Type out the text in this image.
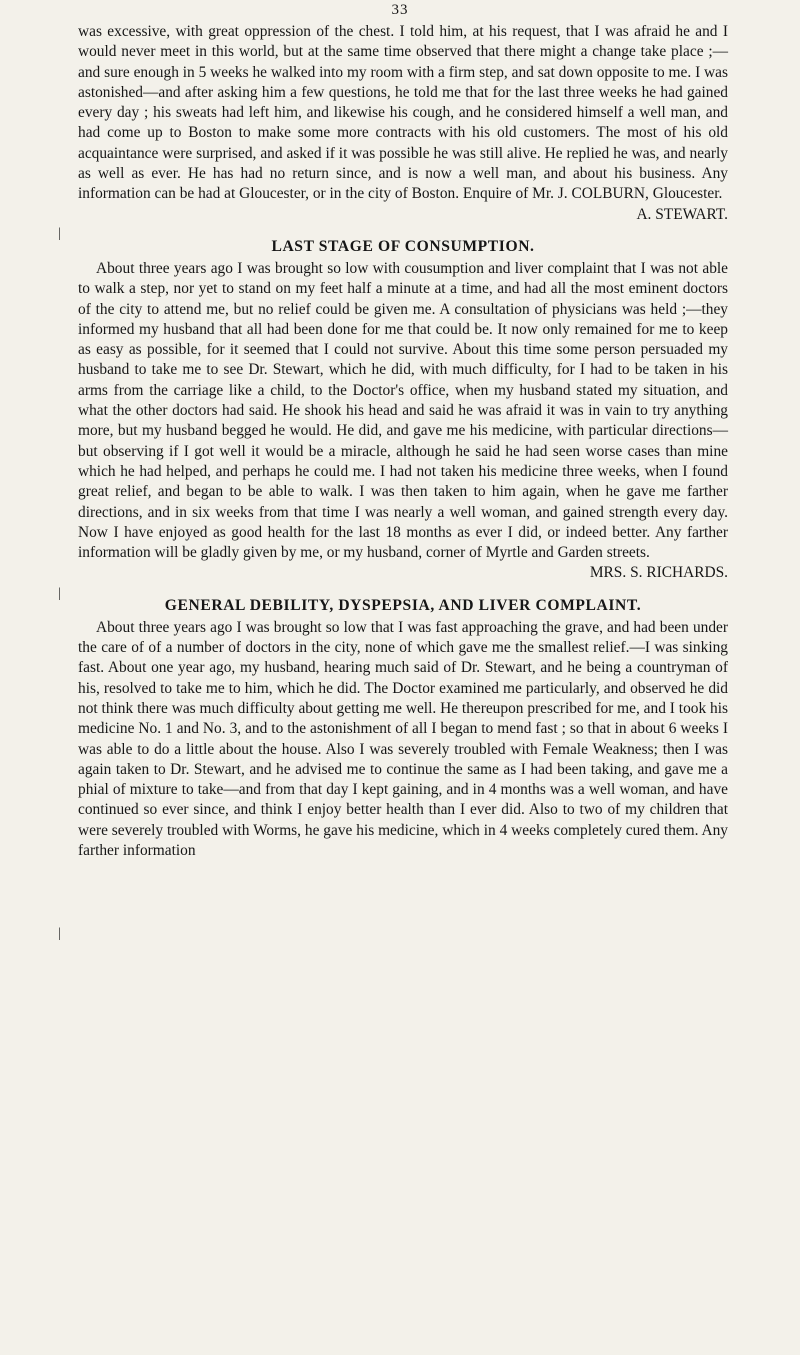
33
|
|
|

was excessive, with great oppression of the chest. I told him, at his request, that I was afraid he and I would never meet in this world, but at the same time observed that there might a change take place ;—and sure enough in 5 weeks he walked into my room with a firm step, and sat down opposite to me. I was astonished—and after asking him a few questions, he told me that for the last three weeks he had gained every day ; his sweats had left him, and likewise his cough, and he considered himself a well man, and had come up to Boston to make some more contracts with his old customers. The most of his old acquaintance were surprised, and asked if it was possible he was still alive. He replied he was, and nearly as well as ever. He has had no return since, and is now a well man, and about his business. Any information can be had at Gloucester, or in the city of Boston. Enquire of Mr. J. COLBURN, Gloucester.

A. STEWART.

LAST STAGE OF CONSUMPTION.

About three years ago I was brought so low with cousumption and liver complaint that I was not able to walk a step, nor yet to stand on my feet half a minute at a time, and had all the most eminent doctors of the city to attend me, but no relief could be given me. A consultation of physicians was held ;—they informed my husband that all had been done for me that could be. It now only remained for me to keep as easy as possible, for it seemed that I could not survive. About this time some person persuaded my husband to take me to see Dr. Stewart, which he did, with much difficulty, for I had to be taken in his arms from the carriage like a child, to the Doctor's office, when my husband stated my situation, and what the other doctors had said. He shook his head and said he was afraid it was in vain to try anything more, but my husband begged he would. He did, and gave me his medicine, with particular directions—but observing if I got well it would be a miracle, although he said he had seen worse cases than mine which he had helped, and perhaps he could me. I had not taken his medicine three weeks, when I found great relief, and began to be able to walk. I was then taken to him again, when he gave me farther directions, and in six weeks from that time I was nearly a well woman, and gained strength every day. Now I have enjoyed as good health for the last 18 months as ever I did, or indeed better. Any farther information will be gladly given by me, or my husband, corner of Myrtle and Garden streets.

MRS. S. RICHARDS.

GENERAL DEBILITY, DYSPEPSIA, AND LIVER COMPLAINT.

About three years ago I was brought so low that I was fast approaching the grave, and had been under the care of of a number of doctors in the city, none of which gave me the smallest relief.—I was sinking fast. About one year ago, my husband, hearing much said of Dr. Stewart, and he being a countryman of his, resolved to take me to him, which he did. The Doctor examined me particularly, and observed he did not think there was much difficulty about getting me well. He thereupon prescribed for me, and I took his medicine No. 1 and No. 3, and to the astonishment of all I began to mend fast ; so that in about 6 weeks I was able to do a little about the house. Also I was severely troubled with Female Weakness; then I was again taken to Dr. Stewart, and he advised me to continue the same as I had been taking, and gave me a phial of mixture to take—and from that day I kept gaining, and in 4 months was a well woman, and have continued so ever since, and think I enjoy better health than I ever did. Also to two of my children that were severely troubled with Worms, he gave his medicine, which in 4 weeks completely cured them. Any farther information
